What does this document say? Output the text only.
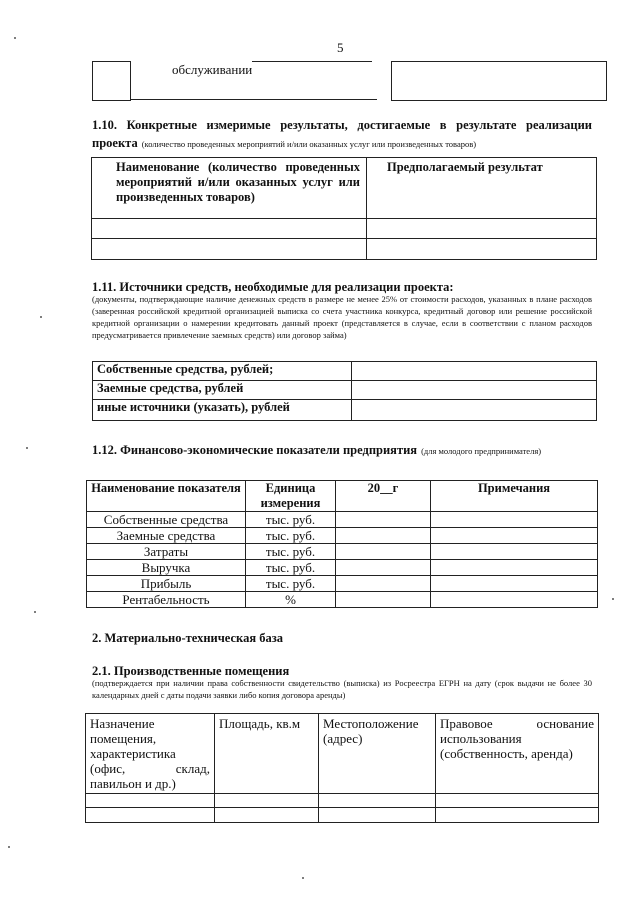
5
обслуживании
1.10. Конкретные измеримые результаты, достигаемые в результате реализации проекта (количество проведенных мероприятий и/или оказанных услуг или произведенных товаров)
Наименование (количество проведенных мероприятий и/или оказанных услуг или произведенных товаров)	Предполагаемый результат

1.11. Источники средств, необходимые для реализации проекта:
(документы, подтверждающие наличие денежных средств в размере не менее 25% от стоимости расходов, указанных в плане расходов (заверенная российской кредитной организацией выписка со счета участника конкурса, кредитный договор или решение российской кредитной организации о намерении кредитовать данный проект (представляется в случае, если в соответствии с планом расходов предусматривается привлечение заемных средств) или договор займа)
Собственные средства, рублей;	
Заемные средства, рублей	
иные источники (указать), рублей	
1.12. Финансово-экономические показатели предприятия (для молодого предпринимателя)
Наименование показателя	Единица измерения	20__г	Примечания
Собственные средства	тыс. руб.		
Заемные средства	тыс. руб.		
Затраты	тыс. руб.		
Выручка	тыс. руб.		
Прибыль	тыс. руб.		
Рентабельность	%		
2. Материально-техническая база
2.1. Производственные помещения
(подтверждается при наличии права собственности свидетельство (выписка) из Росреестра ЕГРН на дату (срок выдачи не более 30 календарных дней с даты подачи заявки либо копия договора аренды)
Назначение помещения, характеристика (офис, склад, павильон и др.)	Площадь, кв.м	Местоположение (адрес)	Правовое основание использования (собственность, аренда)
